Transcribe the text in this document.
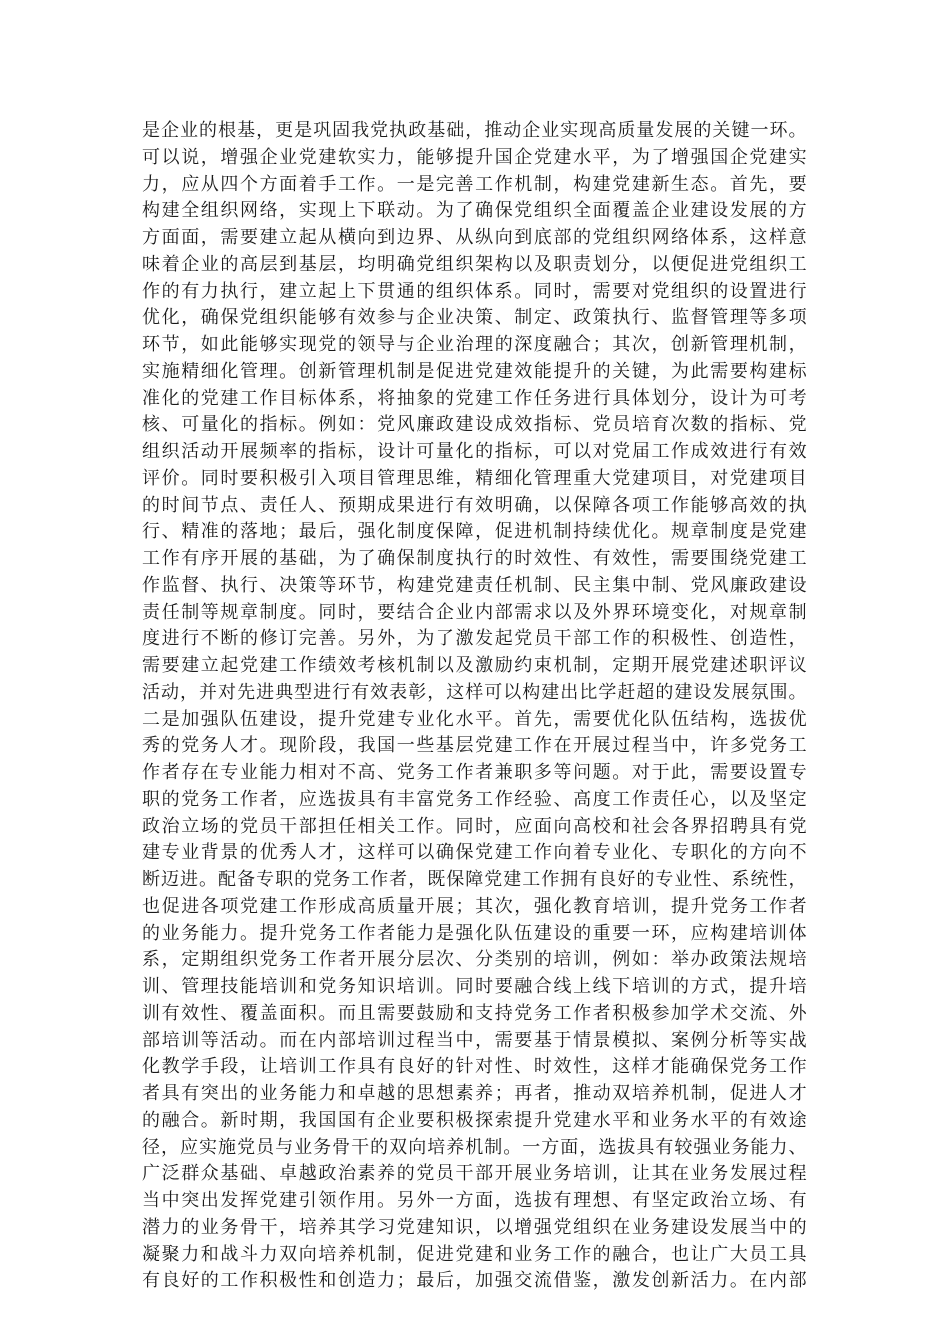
是企业的根基，更是巩固我党执政基础，推动企业实现高质量发展的关键一环。
可以说，增强企业党建软实力，能够提升国企党建水平，为了增强国企党建实
力，应从四个方面着手工作。一是完善工作机制，构建党建新生态。首先，要
构建全组织网络，实现上下联动。为了确保党组织全面覆盖企业建设发展的方
方面面，需要建立起从横向到边界、从纵向到底部的党组织网络体系，这样意
味着企业的高层到基层，均明确党组织架构以及职责划分，以便促进党组织工
作的有力执行，建立起上下贯通的组织体系。同时，需要对党组织的设置进行
优化，确保党组织能够有效参与企业决策、制定、政策执行、监督管理等多项
环节，如此能够实现党的领导与企业治理的深度融合；其次，创新管理机制，
实施精细化管理。创新管理机制是促进党建效能提升的关键，为此需要构建标
准化的党建工作目标体系，将抽象的党建工作任务进行具体划分，设计为可考
核、可量化的指标。例如：党风廉政建设成效指标、党员培育次数的指标、党
组织活动开展频率的指标，设计可量化的指标，可以对党届工作成效进行有效
评价。同时要积极引入项目管理思维，精细化管理重大党建项目，对党建项目
的时间节点、责任人、预期成果进行有效明确，以保障各项工作能够高效的执
行、精准的落地；最后，强化制度保障，促进机制持续优化。规章制度是党建
工作有序开展的基础，为了确保制度执行的时效性、有效性，需要围绕党建工
作监督、执行、决策等环节，构建党建责任机制、民主集中制、党风廉政建设
责任制等规章制度。同时，要结合企业内部需求以及外界环境变化，对规章制
度进行不断的修订完善。另外，为了激发起党员干部工作的积极性、创造性，
需要建立起党建工作绩效考核机制以及激励约束机制，定期开展党建述职评议
活动，并对先进典型进行有效表彰，这样可以构建出比学赶超的建设发展氛围。
二是加强队伍建设，提升党建专业化水平。首先，需要优化队伍结构，选拔优
秀的党务人才。现阶段，我国一些基层党建工作在开展过程当中，许多党务工
作者存在专业能力相对不高、党务工作者兼职多等问题。对于此，需要设置专
职的党务工作者，应选拔具有丰富党务工作经验、高度工作责任心，以及坚定
政治立场的党员干部担任相关工作。同时，应面向高校和社会各界招聘具有党
建专业背景的优秀人才，这样可以确保党建工作向着专业化、专职化的方向不
断迈进。配备专职的党务工作者，既保障党建工作拥有良好的专业性、系统性，
也促进各项党建工作形成高质量开展；其次，强化教育培训，提升党务工作者
的业务能力。提升党务工作者能力是强化队伍建设的重要一环，应构建培训体
系，定期组织党务工作者开展分层次、分类别的培训，例如：举办政策法规培
训、管理技能培训和党务知识培训。同时要融合线上线下培训的方式，提升培
训有效性、覆盖面积。而且需要鼓励和支持党务工作者积极参加学术交流、外
部培训等活动。而在内部培训过程当中，需要基于情景模拟、案例分析等实战
化教学手段，让培训工作具有良好的针对性、时效性，这样才能确保党务工作
者具有突出的业务能力和卓越的思想素养；再者，推动双培养机制，促进人才
的融合。新时期，我国国有企业要积极探索提升党建水平和业务水平的有效途
径，应实施党员与业务骨干的双向培养机制。一方面，选拔具有较强业务能力、
广泛群众基础、卓越政治素养的党员干部开展业务培训，让其在业务发展过程
当中突出发挥党建引领作用。另外一方面，选拔有理想、有坚定政治立场、有
潜力的业务骨干，培养其学习党建知识，以增强党组织在业务建设发展当中的
凝聚力和战斗力双向培养机制，促进党建和业务工作的融合，也让广大员工具
有良好的工作积极性和创造力；最后，加强交流借鉴，激发创新活力。在内部
